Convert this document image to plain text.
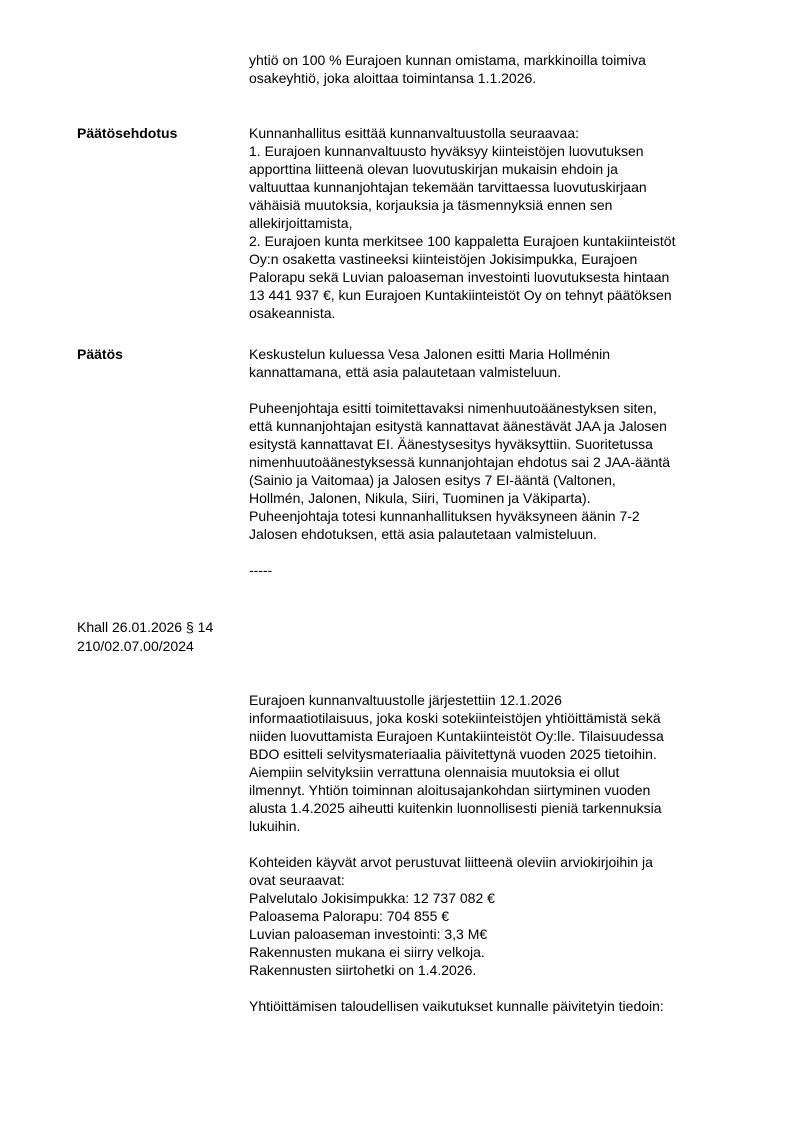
yhtiö on 100 % Eurajoen kunnan omistama, markkinoilla toimiva
osakeyhtiö, joka aloittaa toimintansa 1.1.2026.
Päätösehdotus	Kunnanhallitus esittää kunnanvaltuustolla seuraavaa:
1. Eurajoen kunnanvaltuusto hyväksyy kiinteistöjen luovutuksen
apporttina liitteenä olevan luovutuskirjan mukaisin ehdoin ja
valtuuttaa kunnanjohtajan tekemään tarvittaessa luovutuskirjaan
vähäisiä muutoksia, korjauksia ja täsmennyksiä ennen sen
allekirjoittamista,
2. Eurajoen kunta merkitsee 100 kappaletta Eurajoen kuntakiinteistöt
Oy:n osaketta vastineeksi kiinteistöjen Jokisimpukka, Eurajoen
Palorapu sekä Luvian paloaseman investointi luovutuksesta hintaan
13 441 937 €, kun Eurajoen Kuntakiinteistöt Oy on tehnyt päätöksen
osakeannista.
Päätös	Keskustelun kuluessa Vesa Jalonen esitti Maria Hollménin
kannattamana, että asia palautetaan valmisteluun.
Puheenjohtaja esitti toimitettavaksi nimenhuutoäänestyksen siten,
että kunnanjohtajan esitystä kannattavat äänestävät JAA ja Jalosen
esitystä kannattavat EI. Äänestysesitys hyväksyttiin. Suoritetussa
nimenhuutoäänestyksessä kunnanjohtajan ehdotus sai 2 JAA-ääntä
(Sainio ja Vaitomaa) ja Jalosen esitys 7 EI-ääntä (Valtonen,
Hollmén, Jalonen, Nikula, Siiri, Tuominen ja Väkiparta).
Puheenjohtaja totesi kunnanhallituksen hyväksyneen äänin 7-2
Jalosen ehdotuksen, että asia palautetaan valmisteluun.
-----
Khall 26.01.2026 § 14
210/02.07.00/2024
Eurajoen kunnanvaltuustolle järjestettiin 12.1.2026
informaatiotilaisuus, joka koski sotekiinteistöjen yhtiöittämistä sekä
niiden luovuttamista Eurajoen Kuntakiinteistöt Oy:lle. Tilaisuudessa
BDO esitteli selvitysmateriaalia päivitettynä vuoden 2025 tietoihin.
Aiempiin selvityksiin verrattuna olennaisia muutoksia ei ollut
ilmennyt. Yhtiön toiminnan aloitusajankohdan siirtyminen vuoden
alusta 1.4.2025 aiheutti kuitenkin luonnollisesti pieniä tarkennuksia
lukuihin.
Kohteiden käyvät arvot perustuvat liitteenä oleviin arviokirjoihin ja
ovat seuraavat:
Palvelutalo Jokisimpukka: 12 737 082 €
Paloasema Palorapu: 704 855 €
Luvian paloaseman investointi: 3,3 M€
Rakennusten mukana ei siirry velkoja.
Rakennusten siirtohetki on 1.4.2026.
Yhtiöittämisen taloudellisen vaikutukset kunnalle päivitetyin tiedoin:
